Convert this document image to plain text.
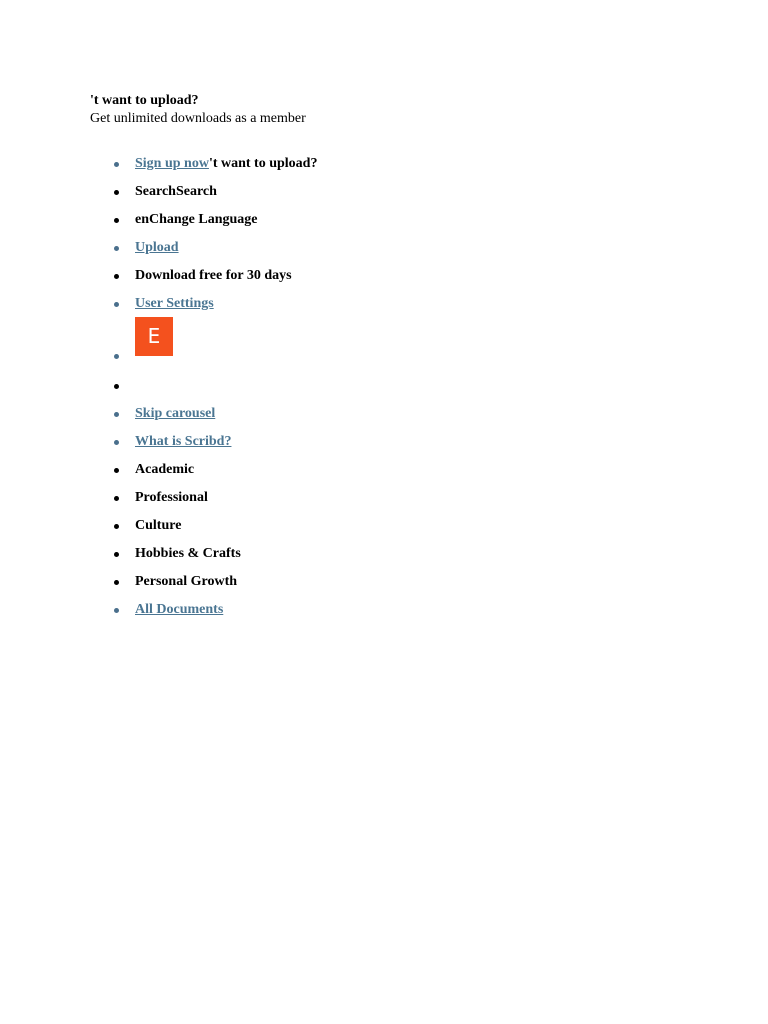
't want to upload?
Get unlimited downloads as a member
Sign up now't want to upload?
SearchSearch
enChange Language
Upload
Download free for 30 days
User Settings
E
Skip carousel
What is Scribd?
Academic
Professional
Culture
Hobbies & Crafts
Personal Growth
All Documents
